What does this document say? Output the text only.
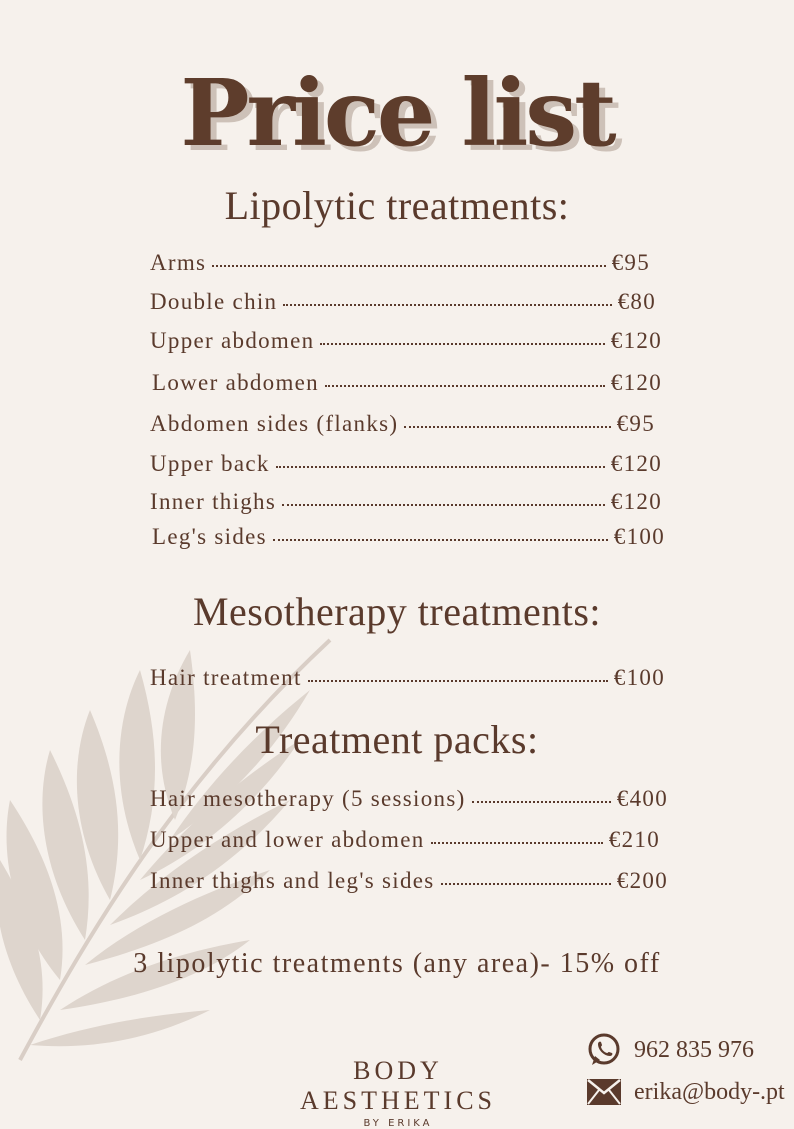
Price list
Lipolytic treatments:
Arms	€95
Double chin	€80
Upper abdomen	€120
Lower abdomen	€120
Abdomen sides (flanks)	€95
Upper back	€120
Inner thighs	€120
Leg's sides	€100
Mesotherapy treatments:
Hair treatment	€100
Treatment packs:
Hair mesotherapy (5 sessions)	€400
Upper and lower abdomen	€210
Inner thighs and leg's sides	€200
3 lipolytic treatments (any area)- 15% off
BODY AESTHETICS
BY ERIKA
962 835 976
erika@body-.pt
